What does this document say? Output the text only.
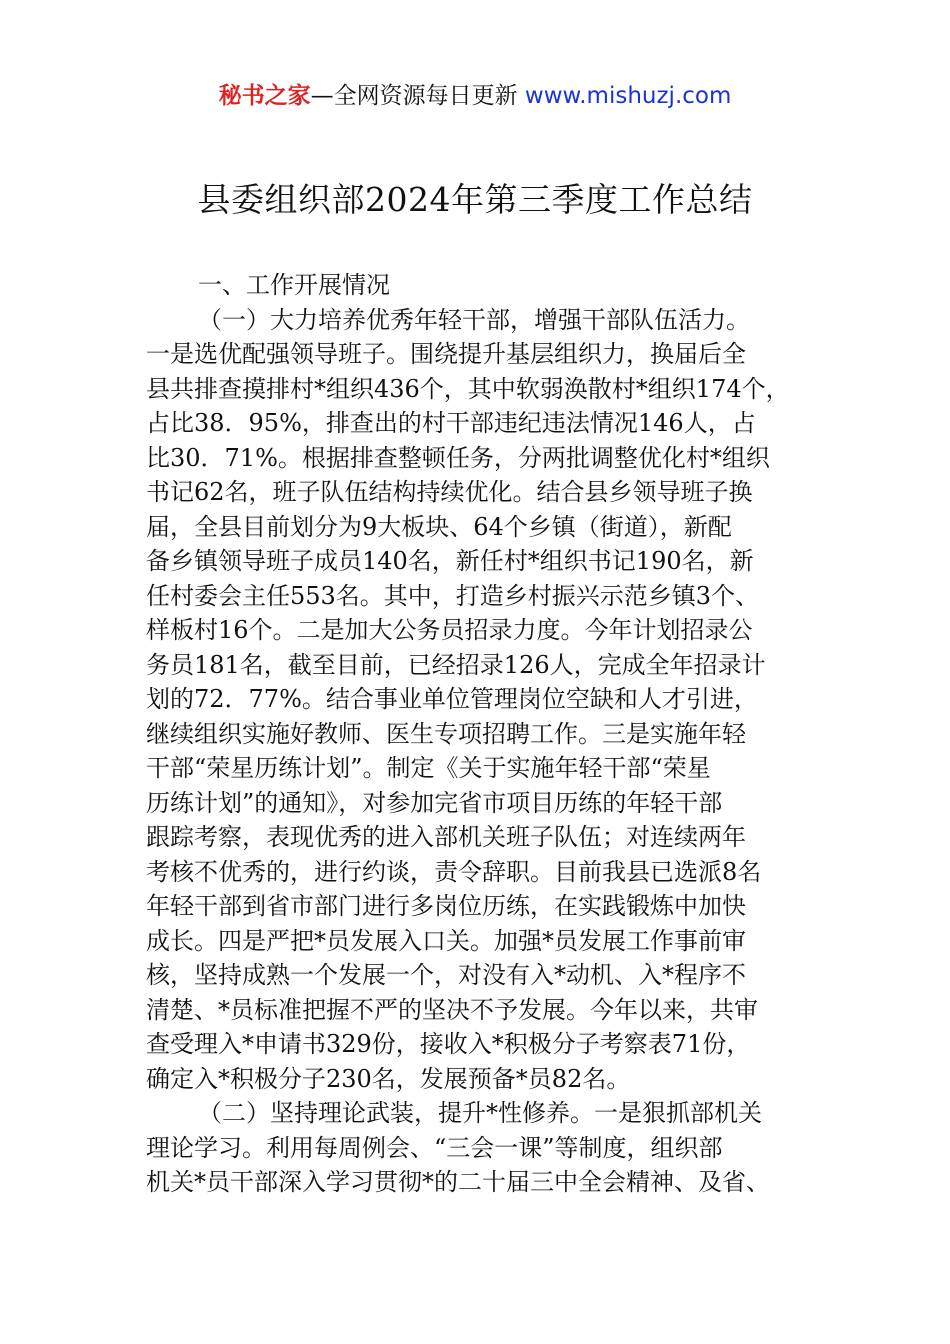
秘书之家—全网资源每日更新 www.mishuzj.com
县委组织部2024年第三季度工作总结
一、工作开展情况
（一）大力培养优秀年轻干部，增强干部队伍活力。
一是选优配强领导班子。围绕提升基层组织力，换届后全
县共排查摸排村*组织436个，其中软弱涣散村*组织174个，
占比38．95%，排查出的村干部违纪违法情况146人，占
比30．71%。根据排查整顿任务，分两批调整优化村*组织
书记62名，班子队伍结构持续优化。结合县乡领导班子换
届，全县目前划分为9大板块、64个乡镇（街道），新配
备乡镇领导班子成员140名，新任村*组织书记190名，新
任村委会主任553名。其中，打造乡村振兴示范乡镇3个、
样板村16个。二是加大公务员招录力度。今年计划招录公
务员181名，截至目前，已经招录126人，完成全年招录计
划的72．77%。结合事业单位管理岗位空缺和人才引进，
继续组织实施好教师、医生专项招聘工作。三是实施年轻
干部“荣星历练计划”。制定《关于实施年轻干部“荣星
历练计划”的通知》，对参加完省市项目历练的年轻干部
跟踪考察，表现优秀的进入部机关班子队伍；对连续两年
考核不优秀的，进行约谈，责令辞职。目前我县已选派8名
年轻干部到省市部门进行多岗位历练，在实践锻炼中加快
成长。四是严把*员发展入口关。加强*员发展工作事前审
核，坚持成熟一个发展一个，对没有入*动机、入*程序不
清楚、*员标准把握不严的坚决不予发展。今年以来，共审
查受理入*申请书329份，接收入*积极分子考察表71份，
确定入*积极分子230名，发展预备*员82名。
（二）坚持理论武装，提升*性修养。一是狠抓部机关
理论学习。利用每周例会、“三会一课”等制度，组织部
机关*员干部深入学习贯彻*的二十届三中全会精神、及省、
